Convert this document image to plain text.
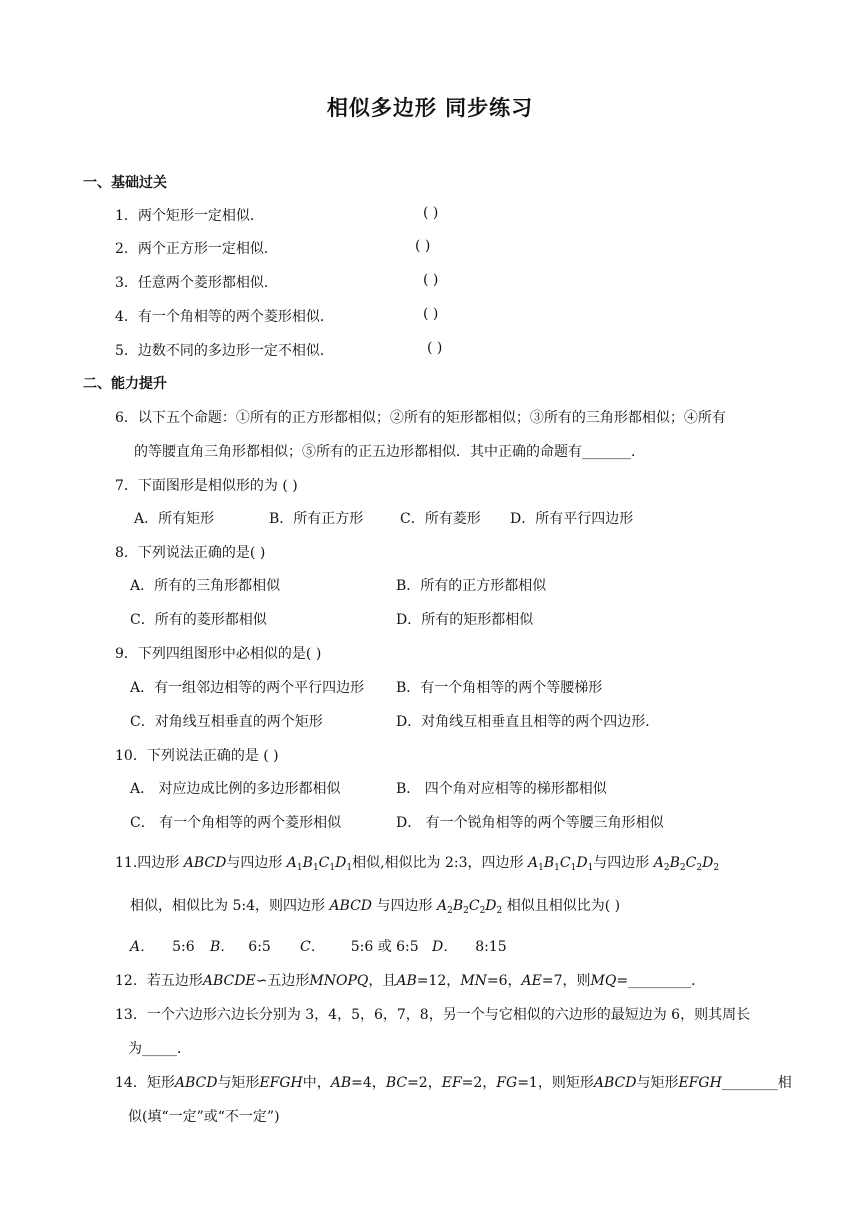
相似多边形 同步练习
一、基础过关
1．两个矩形一定相似．	( )
2．两个正方形一定相似．	( )
3．任意两个菱形都相似．	( )
4．有一个角相等的两个菱形相似．	( )
5．边数不同的多边形一定不相似．	( )
二、能力提升
6．以下五个命题：①所有的正方形都相似；②所有的矩形都相似；③所有的三角形都相似；④所有
的等腰直角三角形都相似；⑤所有的正五边形都相似．其中正确的命题有_______．
7．下面图形是相似形的为 ( )
A．所有矩形	B．所有正方形	C．所有菱形 D．所有平行四边形
8．下列说法正确的是( )
A．所有的三角形都相似	B．所有的正方形都相似
C．所有的菱形都相似	D．所有的矩形都相似
9．下列四组图形中必相似的是( )
A．有一组邻边相等的两个平行四边形 B．有一个角相等的两个等腰梯形
C．对角线互相垂直的两个矩形	D．对角线互相垂直且相等的两个四边形．
10．下列说法正确的是 ( )
A． 对应边成比例的多边形都相似	B． 四个角对应相等的梯形都相似
C． 有一个角相等的两个菱形相似	D． 有一个锐角相等的两个等腰三角形相似
11.四边形 ABCD与四边形 $A_1B_1C_1D_1$相似,相似比为 2:3，四边形 $A_1B_1C_1D_1$与四边形 $A_2B_2C_2D_2$
相似，相似比为 5:4，则四边形 ABCD 与四边形 $A_2B_2C_2D_2$ 相似且相似比为( )
A． 5:6 B． 6:5 C． 5:6 或 6:5 D． 8:15
12．若五边形ABCDE∽五边形MNOPQ，且AB=12，MN=6，AE=7，则MQ=_________．
13．一个六边形六边长分别为 3，4，5，6，7，8，另一个与它相似的六边形的最短边为 6，则其周长
为_____．
14．矩形ABCD与矩形EFGH中，AB=4，BC=2，EF=2，FG=1，则矩形ABCD与矩形EFGH________相
似(填“一定”或“不一定”)
